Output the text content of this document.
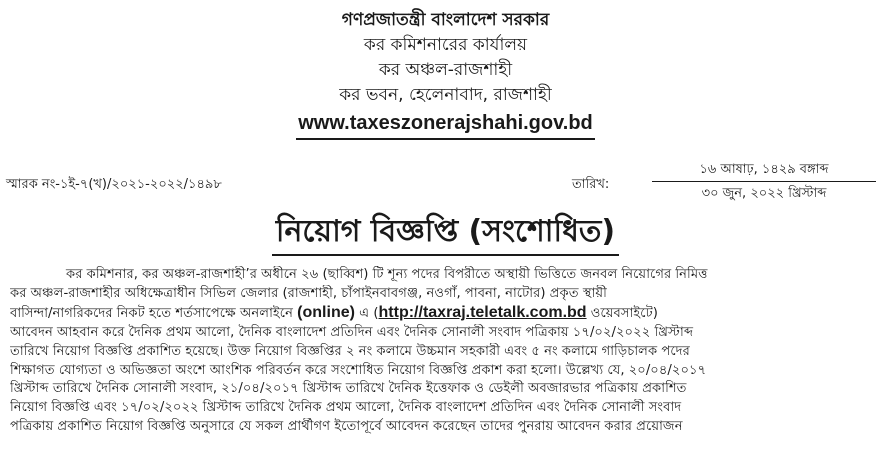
গণপ্রজাতন্ত্রী বাংলাদেশ সরকার
কর কমিশনারের কার্যালয়
কর অঞ্চল-রাজশাহী
কর ভবন, হেলেনাবাদ, রাজশাহী
www.taxeszonerajshahi.gov.bd
স্মারক নং-১ই-৭(খ)/২০২১-২০২২/১৪৯৮	তারিখ:
১৬ আষাঢ়, ১৪২৯ বঙ্গাব্দ
৩০ জুন, ২০২২ খ্রিস্টাব্দ
নিয়োগ বিজ্ঞপ্তি (সংশোধিত)
কর কমিশনার, কর অঞ্চল-রাজশাহী’র অধীনে ২৬ (ছাব্বিশ) টি শূন্য পদের বিপরীতে অস্থায়ী ভিত্তিতে জনবল নিয়োগের নিমিত্ত
কর অঞ্চল-রাজশাহীর অধিক্ষেত্রাধীন সিভিল জেলার (রাজশাহী, চাঁপাইনবাবগঞ্জ, নওগাঁ, পাবনা, নাটোর) প্রকৃত স্থায়ী
বাসিন্দা/নাগরিকদের নিকট হতে শর্তসাপেক্ষে অনলাইনে (online) এ (http://taxraj.teletalk.com.bd ওয়েবসাইটে)
আবেদন আহবান করে দৈনিক প্রথম আলো, দৈনিক বাংলাদেশ প্রতিদিন এবং দৈনিক সোনালী সংবাদ পত্রিকায় ১৭/০২/২০২২ খ্রিস্টাব্দ
তারিখে নিয়োগ বিজ্ঞপ্তি প্রকাশিত হয়েছে। উক্ত নিয়োগ বিজ্ঞপ্তির ২ নং কলামে উচ্চমান সহকারী এবং ৫ নং কলামে গাড়িচালক পদের
শিক্ষাগত যোগ্যতা ও অভিজ্ঞতা অংশে আংশিক পরিবর্তন করে সংশোধিত নিয়োগ বিজ্ঞপ্তি প্রকাশ করা হলো। উল্লেখ্য যে, ২০/০৪/২০১৭
খ্রিস্টাব্দ তারিখে দৈনিক সোনালী সংবাদ, ২১/০৪/২০১৭ খ্রিস্টাব্দ তারিখে দৈনিক ইত্তেফাক ও ডেইলী অবজারভার পত্রিকায় প্রকাশিত
নিয়োগ বিজ্ঞপ্তি এবং ১৭/০২/২০২২ খ্রিস্টাব্দ তারিখে দৈনিক প্রথম আলো, দৈনিক বাংলাদেশ প্রতিদিন এবং দৈনিক সোনালী সংবাদ
পত্রিকায় প্রকাশিত নিয়োগ বিজ্ঞপ্তি অনুসারে যে সকল প্রার্থীগণ ইতোপূর্বে আবেদন করেছেন তাদের পুনরায় আবেদন করার প্রয়োজন
